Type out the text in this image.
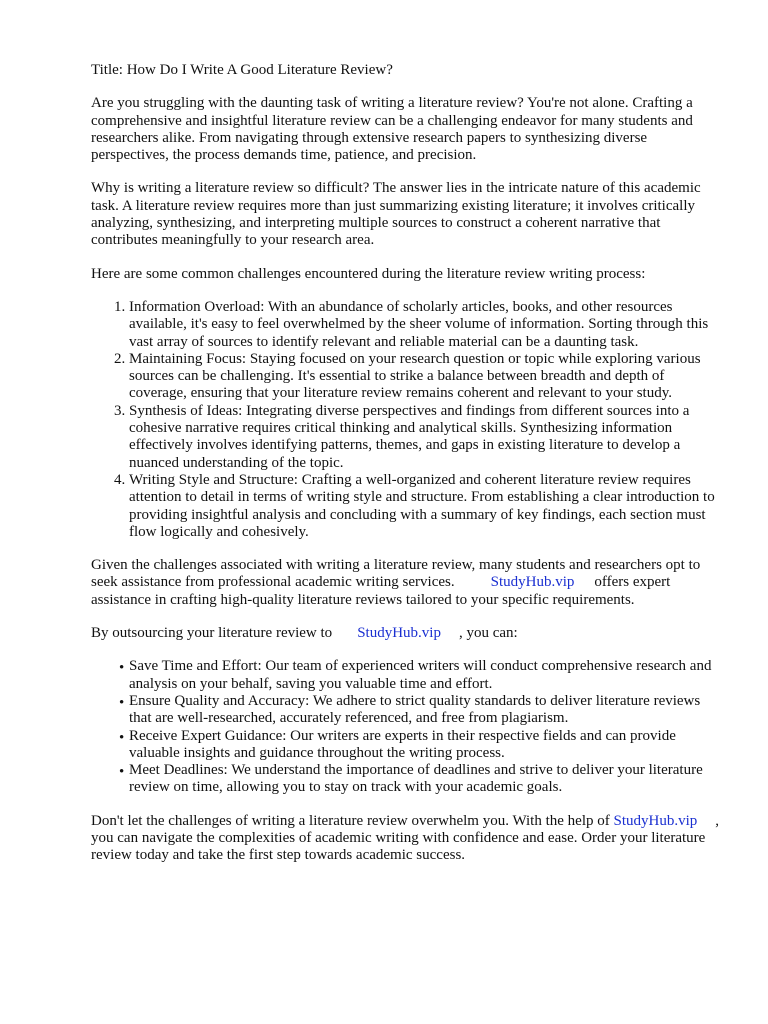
Title: How Do I Write A Good Literature Review?

Are you struggling with the daunting task of writing a literature review? You're not alone. Crafting a comprehensive and insightful literature review can be a challenging endeavor for many students and researchers alike. From navigating through extensive research papers to synthesizing diverse perspectives, the process demands time, patience, and precision.

Why is writing a literature review so difficult? The answer lies in the intricate nature of this academic task. A literature review requires more than just summarizing existing literature; it involves critically analyzing, synthesizing, and interpreting multiple sources to construct a coherent narrative that contributes meaningfully to your research area.

Here are some common challenges encountered during the literature review writing process:

1. Information Overload: With an abundance of scholarly articles, books, and other resources available, it's easy to feel overwhelmed by the sheer volume of information. Sorting through this vast array of sources to identify relevant and reliable material can be a daunting task.
2. Maintaining Focus: Staying focused on your research question or topic while exploring various sources can be challenging. It's essential to strike a balance between breadth and depth of coverage, ensuring that your literature review remains coherent and relevant to your study.
3. Synthesis of Ideas: Integrating diverse perspectives and findings from different sources into a cohesive narrative requires critical thinking and analytical skills. Synthesizing information effectively involves identifying patterns, themes, and gaps in existing literature to develop a nuanced understanding of the topic.
4. Writing Style and Structure: Crafting a well-organized and coherent literature review requires attention to detail in terms of writing style and structure. From establishing a clear introduction to providing insightful analysis and concluding with a summary of key findings, each section must flow logically and cohesively.

Given the challenges associated with writing a literature review, many students and researchers opt to seek assistance from professional academic writing services. StudyHub.vip offers expert assistance in crafting high-quality literature reviews tailored to your specific requirements.

By outsourcing your literature review to StudyHub.vip , you can:

• Save Time and Effort: Our team of experienced writers will conduct comprehensive research and analysis on your behalf, saving you valuable time and effort.
• Ensure Quality and Accuracy: We adhere to strict quality standards to deliver literature reviews that are well-researched, accurately referenced, and free from plagiarism.
• Receive Expert Guidance: Our writers are experts in their respective fields and can provide valuable insights and guidance throughout the writing process.
• Meet Deadlines: We understand the importance of deadlines and strive to deliver your literature review on time, allowing you to stay on track with your academic goals.

Don't let the challenges of writing a literature review overwhelm you. With the help of StudyHub.vip , you can navigate the complexities of academic writing with confidence and ease. Order your literature review today and take the first step towards academic success.
